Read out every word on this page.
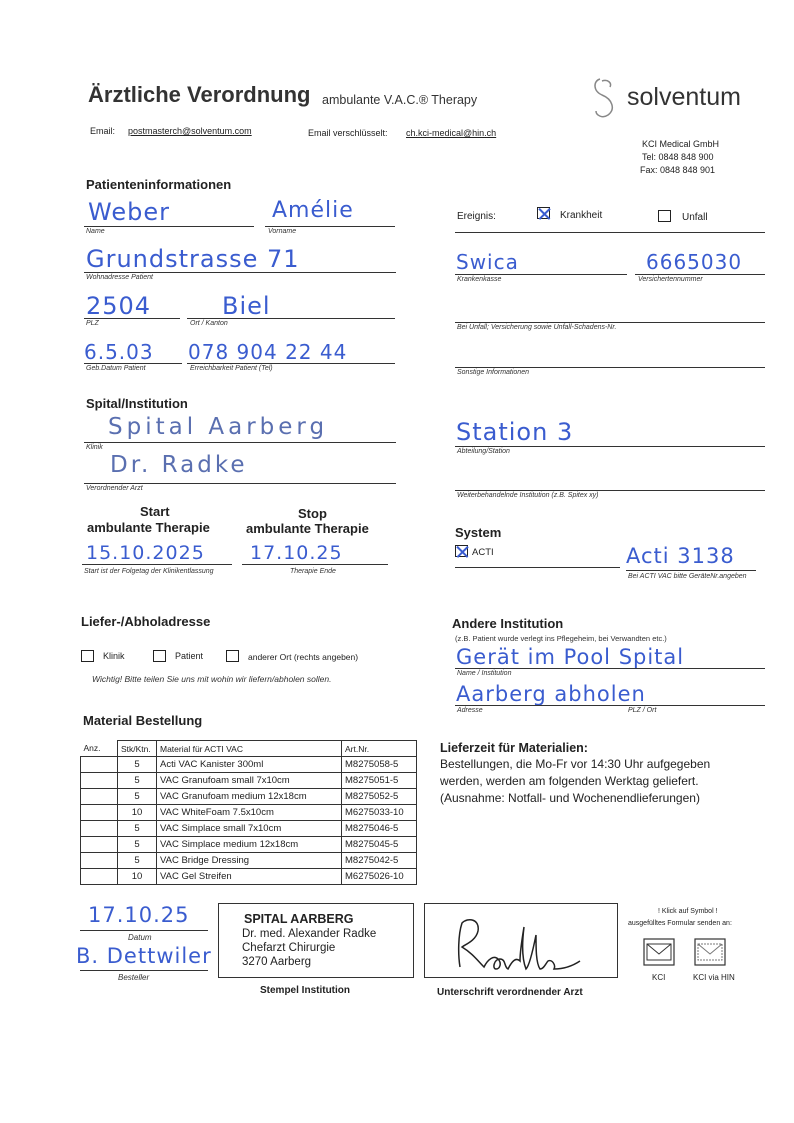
Ärztliche Verordnung ambulante V.A.C.® Therapy
Email: postmasterch@solventum.com	Email verschlüsselt: ch.kci-medical@hin.ch
solventum
KCI Medical GmbH
Tel: 0848 848 900
Fax: 0848 848 901
Patienteninformationen
Weber
Name
Amélie
Vorname
Grundstrasse 71
Wohnadresse Patient
2504
PLZ
Biel
Ort / Kanton
6.5.03
Geb.Datum Patient
078 904 22 44
Erreichbarkeit Patient (Tel)
Ereignis:	Krankheit	Unfall
Swica
Krankenkasse
6665030
Versichertennummer
Bei Unfall; Versicherung sowie Unfall-Schadens-Nr.
Sonstige Informationen
Spital/Institution
Spital Aarberg
Klinik
Dr. Radke
Verordnender Arzt
Station 3
Abteilung/Station
Weiterbehandelnde Institution (z.B. Spitex xy)
Start
ambulante Therapie
Stop
ambulante Therapie
15.10.2025
Start ist der Folgetag der Klinikentlassung
17.10.25
Therapie Ende
System
ACTI	Acti 3138
Bei ACTI VAC bitte GeräteNr.angeben
Liefer-/Abholadresse
Klinik	Patient	anderer Ort (rechts angeben)
Wichtig! Bitte teilen Sie uns mit wohin wir liefern/abholen sollen.
Andere Institution
(z.B. Patient wurde verlegt ins Pflegeheim, bei Verwandten etc.)
Gerät im Pool Spital
Name / Institution
Aarberg abholen
Adresse	PLZ / Ort
Material Bestellung
Anz.	Stk/Ktn.	Material für ACTI VAC	Art.Nr.
	5	Acti VAC Kanister 300ml	M8275058-5
	5	VAC Granufoam small 7x10cm	M8275051-5
	5	VAC Granufoam medium 12x18cm	M8275052-5
	10	VAC WhiteFoam 7.5x10cm	M6275033-10
	5	VAC Simplace small 7x10cm	M8275046-5
	5	VAC Simplace medium 12x18cm	M8275045-5
	5	VAC Bridge Dressing	M8275042-5
	10	VAC Gel Streifen	M6275026-10
Lieferzeit für Materialien:
Bestellungen, die Mo-Fr vor 14:30 Uhr aufgegeben
werden, werden am folgenden Werktag geliefert.
(Ausnahme: Notfall- und Wochenendlieferungen)
17.10.25
Datum
B. Dettwiler
Besteller
SPITAL AARBERG
Dr. med. Alexander Radke
Chefarzt Chirurgie
3270 Aarberg
Stempel Institution	Unterschrift verordnender Arzt
! Klick auf Symbol !
ausgefülltes Formular senden an:
KCI	KCI via HIN
